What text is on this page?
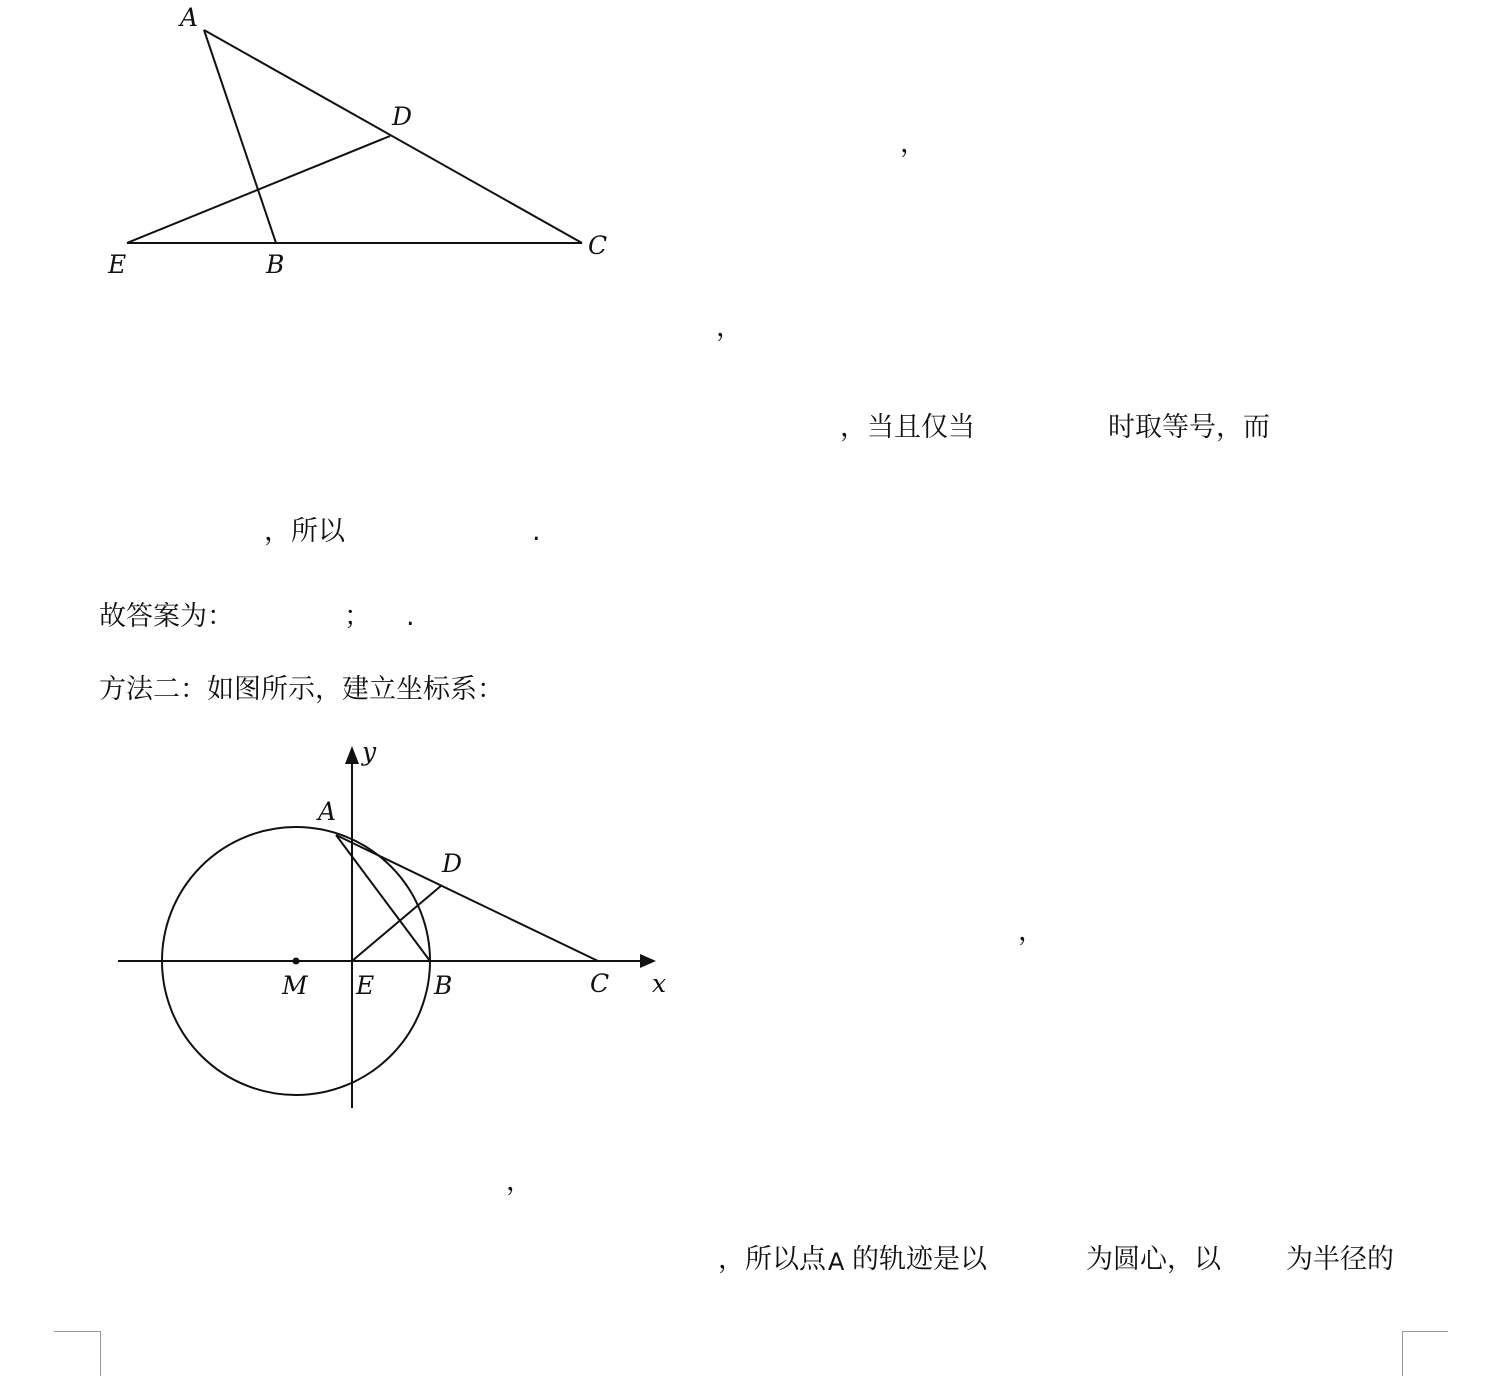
A
D
C
E	B
，
，
，当且仅当	时取等号，而
，所以	.
故答案为：	； .
方法二：如图所示，建立坐标系：
y
A
D
M E B	C x
，
，
，所以点 A 的轨迹是以	为圆心，以 为半径的
